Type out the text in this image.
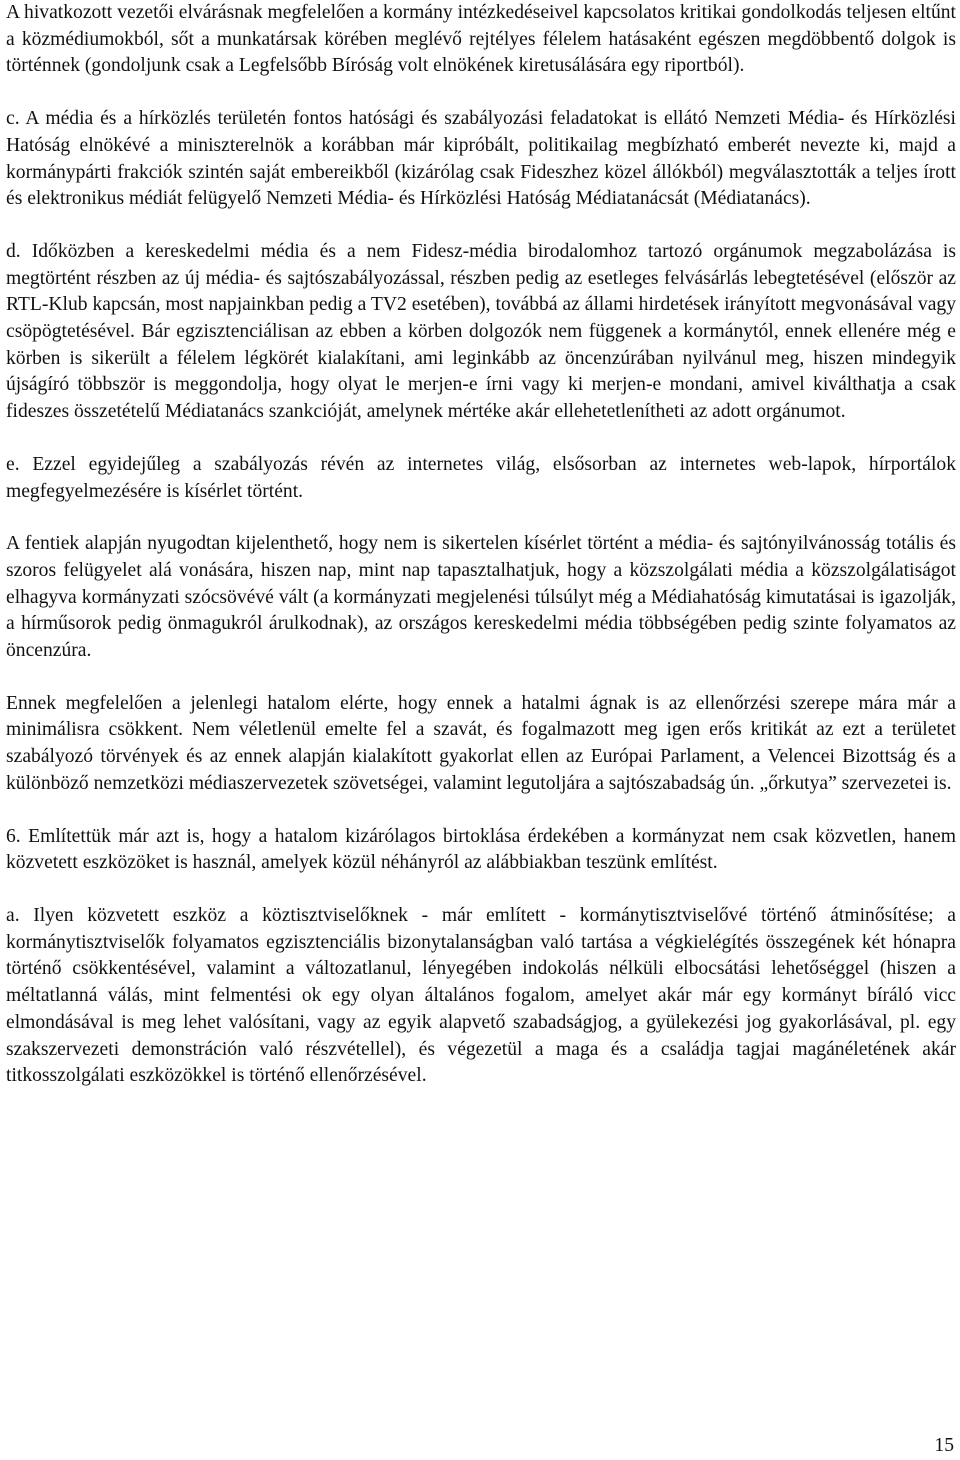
A hivatkozott vezetői elvárásnak megfelelően a kormány intézkedéseivel kapcsolatos kritikai gondolkodás teljesen eltűnt a közmédiumokból, sőt a munkatársak körében meglévő rejtélyes félelem hatásaként egészen megdöbbentő dolgok is történnek (gondoljunk csak a Legfelsőbb Bíróság volt elnökének kiretusálására egy riportból).

c. A média és a hírközlés területén fontos hatósági és szabályozási feladatokat is ellátó Nemzeti Média- és Hírközlési Hatóság elnökévé a miniszterelnök a korábban már kipróbált, politikailag megbízható emberét nevezte ki, majd a kormánypárti frakciók szintén saját embereikből (kizárólag csak Fideszhez közel állókból) megválasztották a teljes írott és elektronikus médiát felügyelő Nemzeti Média- és Hírközlési Hatóság Médiatanácsát (Médiatanács).

d. Időközben a kereskedelmi média és a nem Fidesz-média birodalomhoz tartozó orgánumok megzabolázása is megtörtént részben az új média- és sajtószabályozással, részben pedig az esetleges felvásárlás lebegtetésével (először az RTL-Klub kapcsán, most napjainkban pedig a TV2 esetében), továbbá az állami hirdetések irányított megvonásával vagy csöpögtetésével. Bár egzisztenciálisan az ebben a körben dolgozók nem függenek a kormánytól, ennek ellenére még e körben is sikerült a félelem légkörét kialakítani, ami leginkább az öncenzúrában nyilvánul meg, hiszen mindegyik újságíró többször is meggondolja, hogy olyat le merjen-e írni vagy ki merjen-e mondani, amivel kiválthatja a csak fideszes összetételű Médiatanács szankcióját, amelynek mértéke akár ellehetetlenítheti az adott orgánumot.

e. Ezzel egyidejűleg a szabályozás révén az internetes világ, elsősorban az internetes web-lapok, hírportálok megfegyelmezésére is kísérlet történt.

A fentiek alapján nyugodtan kijelenthető, hogy nem is sikertelen kísérlet történt a média- és sajtónyilvánosság totális és szoros felügyelet alá vonására, hiszen nap, mint nap tapasztalhatjuk, hogy a közszolgálati média a közszolgálatiságot elhagyva kormányzati szócsövévé vált (a kormányzati megjelenési túlsúlyt még a Médiahatóság kimutatásai is igazolják, a hírműsorok pedig önmagukról árulkodnak), az országos kereskedelmi média többségében pedig szinte folyamatos az öncenzúra.

Ennek megfelelően a jelenlegi hatalom elérte, hogy ennek a hatalmi ágnak is az ellenőrzési szerepe mára már a minimálisra csökkent. Nem véletlenül emelte fel a szavát, és fogalmazott meg igen erős kritikát az ezt a területet szabályozó törvények és az ennek alapján kialakított gyakorlat ellen az Európai Parlament, a Velencei Bizottság és a különböző nemzetközi médiaszervezetek szövetségei, valamint legutoljára a sajtószabadság ún. „őrkutya” szervezetei is.

6. Említettük már azt is, hogy a hatalom kizárólagos birtoklása érdekében a kormányzat nem csak közvetlen, hanem közvetett eszközöket is használ, amelyek közül néhányról az alábbiakban teszünk említést.

a. Ilyen közvetett eszköz a köztisztviselőknek - már említett - kormánytisztviselővé történő átminősítése; a kormánytisztviselők folyamatos egzisztenciális bizonytalanságban való tartása a végkielégítés összegének két hónapra történő csökkentésével, valamint a változatlanul, lényegében indokolás nélküli elbocsátási lehetőséggel (hiszen a méltatlanná válás, mint felmentési ok egy olyan általános fogalom, amelyet akár már egy kormányt bíráló vicc elmondásával is meg lehet valósítani, vagy az egyik alapvető szabadságjog, a gyülekezési jog gyakorlásával, pl. egy szakszervezeti demonstráción való részvétellel), és végezetül a maga és a családja tagjai magánéletének akár titkosszolgálati eszközökkel is történő ellenőrzésével.

15
